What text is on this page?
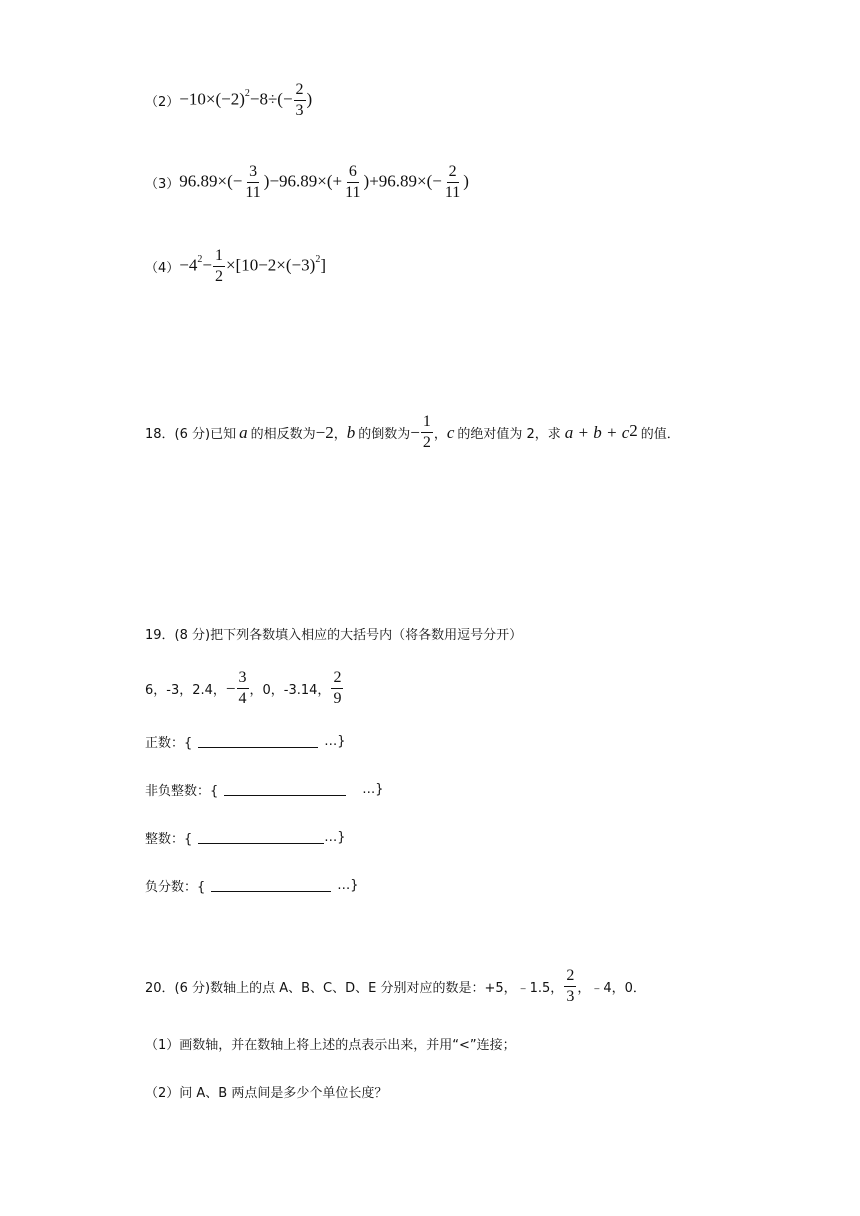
$(2) -10\times(-2)^2-8\div(- \frac{2}{3}$ )
（3） $96.89\times(- \frac{3}{11} )-96.89\times(+ \frac{6}{11} )+96.89\times(- \frac{2}{11}$ )
$(4) -4^2- \frac{1}{2} \times[10-2\times(-3)^2]$
18．(6 分)已知 a 的相反数为 −2 ， b 的倒数为 − $\frac{1}{2}$ ， c 的绝对值为 2，求 $a + b + c^2$ 的值．
19．(8 分)把下列各数填入相应的大括号内（将各数用逗号分开）
6，-3，2.4， − $\frac{3}{4}$ ，0，-3.14， $\frac{2}{9}$
正数：{	…}
非负整数：{	…}
整数：{	…}
负分数：{	…}
20．(6 分)数轴上的点 A、B、C、D、E 分别对应的数是：+5，﹣1.5， $\frac{2}{3}$ ，﹣4，0．
（1）画数轴，并在数轴上将上述的点表示出来，并用“<”连接；
（2）问 A、B 两点间是多少个单位长度？
